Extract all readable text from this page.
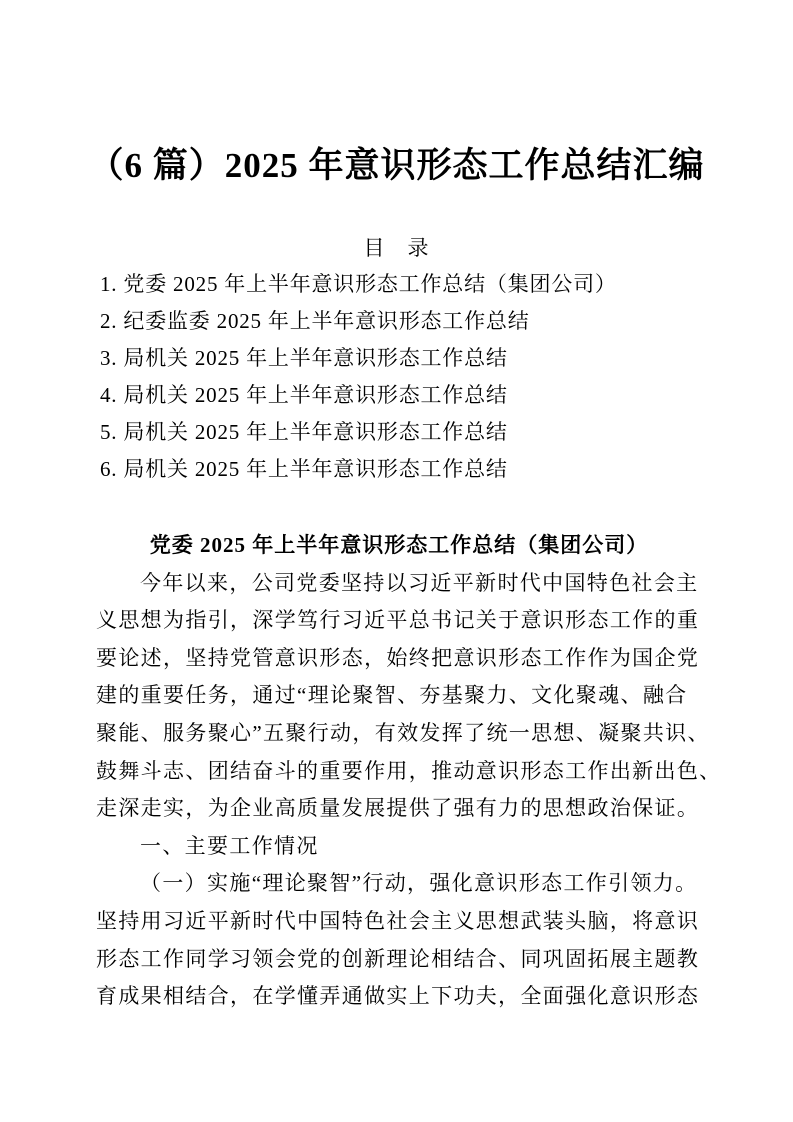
（6 篇）2025 年意识形态工作总结汇编
目　录
1. 党委 2025 年上半年意识形态工作总结（集团公司）
2. 纪委监委 2025 年上半年意识形态工作总结
3. 局机关 2025 年上半年意识形态工作总结
4. 局机关 2025 年上半年意识形态工作总结
5. 局机关 2025 年上半年意识形态工作总结
6. 局机关 2025 年上半年意识形态工作总结
党委 2025 年上半年意识形态工作总结（集团公司）
今年以来，公司党委坚持以习近平新时代中国特色社会主
义思想为指引，深学笃行习近平总书记关于意识形态工作的重
要论述，坚持党管意识形态，始终把意识形态工作作为国企党
建的重要任务，通过“理论聚智、夯基聚力、文化聚魂、融合
聚能、服务聚心”五聚行动，有效发挥了统一思想、凝聚共识、
鼓舞斗志、团结奋斗的重要作用，推动意识形态工作出新出色、
走深走实，为企业高质量发展提供了强有力的思想政治保证。
一、主要工作情况
（一）实施“理论聚智”行动，强化意识形态工作引领力。
坚持用习近平新时代中国特色社会主义思想武装头脑，将意识
形态工作同学习领会党的创新理论相结合、同巩固拓展主题教
育成果相结合，在学懂弄通做实上下功夫，全面强化意识形态
